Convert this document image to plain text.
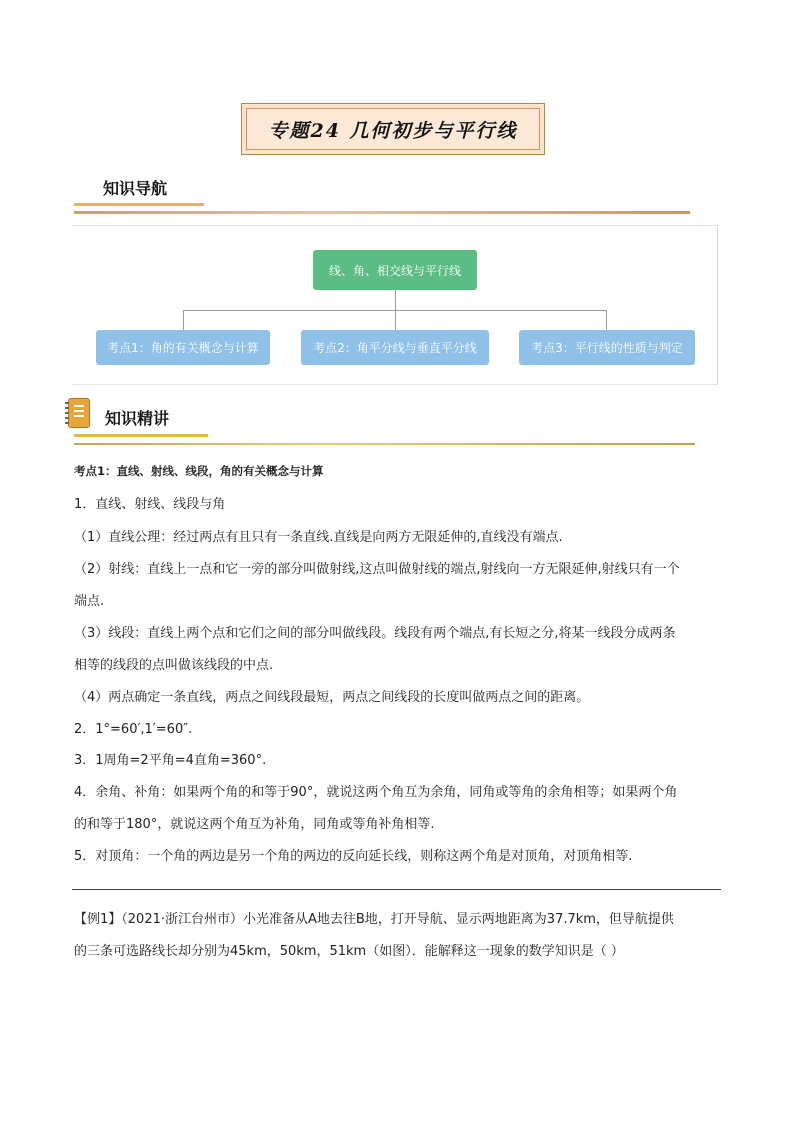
专题24 几何初步与平行线
知识导航
线、角、相交线与平行线
考点1：角的有关概念与计算	考点2：角平分线与垂直平分线	考点3：平行线的性质与判定
知识精讲
考点1：直线、射线、线段，角的有关概念与计算
1．直线、射线、线段与角
（1）直线公理：经过两点有且只有一条直线.直线是向两方无限延伸的,直线没有端点.
（2）射线：直线上一点和它一旁的部分叫做射线,这点叫做射线的端点,射线向一方无限延伸,射线只有一个
端点.
（3）线段：直线上两个点和它们之间的部分叫做线段。线段有两个端点,有长短之分,将某一线段分成两条
相等的线段的点叫做该线段的中点.
（4）两点确定一条直线，两点之间线段最短，两点之间线段的长度叫做两点之间的距离。
2．1°=60′,1′=60″.
3．1周角=2平角=4直角=360°.
4．余角、补角：如果两个角的和等于90°，就说这两个角互为余角，同角或等角的余角相等；如果两个角
的和等于180°，就说这两个角互为补角，同角或等角补角相等.
5．对顶角：一个角的两边是另一个角的两边的反向延长线，则称这两个角是对顶角，对顶角相等.
【例1】（2021·浙江台州市）小光准备从A地去往B地，打开导航、显示两地距离为37.7km，但导航提供
的三条可选路线长却分别为45km，50km，51km（如图）．能解释这一现象的数学知识是（ ）
